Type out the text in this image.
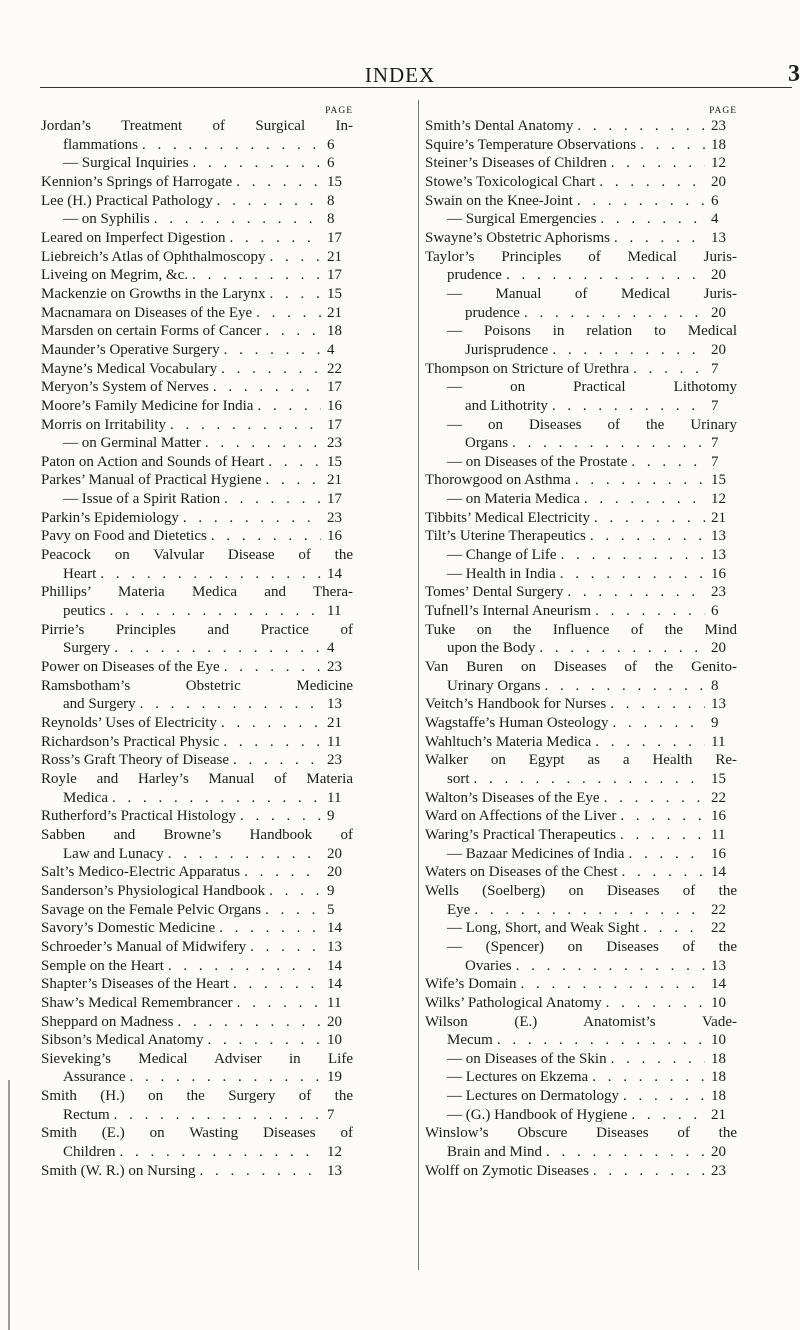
INDEX	3
PAGE
Jordan’s Treatment of Surgical In-
flammations . . .	6
— Surgical Inquiries . . .	6
Kennion’s Springs of Harrogate . . .	15
Lee (H.) Practical Pathology . . .	8
— on Syphilis . . .	8
Leared on Imperfect Digestion . . .	17
Liebreich’s Atlas of Ophthalmoscopy . . .	21
Liveing on Megrim, &c. . . .	17
Mackenzie on Growths in the Larynx . . .	15
Macnamara on Diseases of the Eye . . .	21
Marsden on certain Forms of Cancer . . .	18
Maunder’s Operative Surgery . . .	4
Mayne’s Medical Vocabulary . . .	22
Meryon’s System of Nerves . . .	17
Moore’s Family Medicine for India . . .	16
Morris on Irritability . . .	17
— on Germinal Matter . . .	23
Paton on Action and Sounds of Heart . . .	15
Parkes’ Manual of Practical Hygiene . . .	21
— Issue of a Spirit Ration . . .	17
Parkin’s Epidemiology . . .	23
Pavy on Food and Dietetics . . .	16
Peacock on Valvular Disease of the
Heart . . .	14
Phillips’ Materia Medica and Thera-
peutics . . .	11
Pirrie’s Principles and Practice of
Surgery . . .	4
Power on Diseases of the Eye . . .	23
Ramsbotham’s Obstetric Medicine
and Surgery . . .	13
Reynolds’ Uses of Electricity . . .	21
Richardson’s Practical Physic . . .	11
Ross’s Graft Theory of Disease . . .	23
Royle and Harley’s Manual of Materia
Medica . . .	11
Rutherford’s Practical Histology . . .	9
Sabben and Browne’s Handbook of
Law and Lunacy . . .	20
Salt’s Medico-Electric Apparatus . . .	20
Sanderson’s Physiological Handbook . . .	9
Savage on the Female Pelvic Organs . . .	5
Savory’s Domestic Medicine . . .	14
Schroeder’s Manual of Midwifery . . .	13
Semple on the Heart . . .	14
Shapter’s Diseases of the Heart . . .	14
Shaw’s Medical Remembrancer . . .	11
Sheppard on Madness . . .	20
Sibson’s Medical Anatomy . . .	10
Sieveking’s Medical Adviser in Life
Assurance . . .	19
Smith (H.) on the Surgery of the
Rectum . . .	7
Smith (E.) on Wasting Diseases of
Children . . .	12
Smith (W. R.) on Nursing . . .	13
PAGE
Smith’s Dental Anatomy . . .	23
Squire’s Temperature Observations . . .	18
Steiner’s Diseases of Children . . .	12
Stowe’s Toxicological Chart . . .	20
Swain on the Knee-Joint . . .	6
— Surgical Emergencies . . .	4
Swayne’s Obstetric Aphorisms . . .	13
Taylor’s Principles of Medical Juris-
prudence . . .	20
— Manual of Medical Juris-
prudence . . .	20
— Poisons in relation to Medical
Jurisprudence . . .	20
Thompson on Stricture of Urethra . . .	7
— on Practical Lithotomy
and Lithotrity . . .	7
— on Diseases of the Urinary
Organs . . .	7
— on Diseases of the Prostate . . .	7
Thorowgood on Asthma . . .	15
— on Materia Medica . . .	12
Tibbits’ Medical Electricity . . .	21
Tilt’s Uterine Therapeutics . . .	13
— Change of Life . . .	13
— Health in India . . .	16
Tomes’ Dental Surgery . . .	23
Tufnell’s Internal Aneurism . . .	6
Tuke on the Influence of the Mind
upon the Body . . .	20
Van Buren on Diseases of the Genito-
Urinary Organs . . .	8
Veitch’s Handbook for Nurses . . .	13
Wagstaffe’s Human Osteology . . .	9
Wahltuch’s Materia Medica . . .	11
Walker on Egypt as a Health Re-
sort . . .	15
Walton’s Diseases of the Eye . . .	22
Ward on Affections of the Liver . . .	16
Waring’s Practical Therapeutics . . .	11
— Bazaar Medicines of India . . .	16
Waters on Diseases of the Chest . . .	14
Wells (Soelberg) on Diseases of the
Eye . . .	22
— Long, Short, and Weak Sight . . .	22
— (Spencer) on Diseases of the
Ovaries . . .	13
Wife’s Domain . . .	14
Wilks’ Pathological Anatomy . . .	10
Wilson (E.) Anatomist’s Vade-
Mecum . . .	10
— on Diseases of the Skin . . .	18
— Lectures on Ekzema . . .	18
— Lectures on Dermatology . . .	18
— (G.) Handbook of Hygiene . . .	21
Winslow’s Obscure Diseases of the
Brain and Mind . . .	20
Wolff on Zymotic Diseases . . .	23
